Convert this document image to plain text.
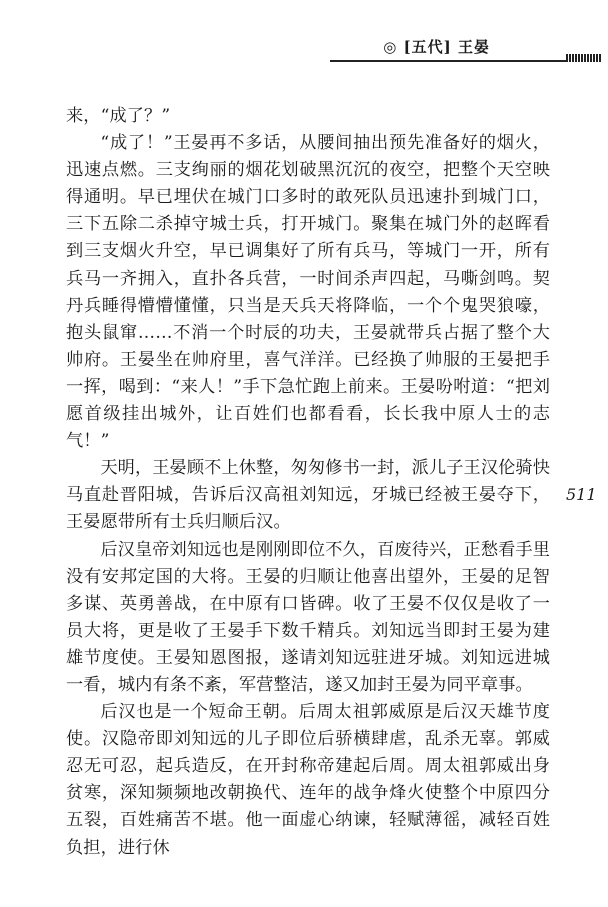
◎ [五代] 王晏

来，“成了？”

“成了！”王晏再不多话，从腰间抽出预先准备好的烟火，迅速点燃。三支绚丽的烟花划破黑沉沉的夜空，把整个天空映得通明。早已埋伏在城门口多时的敢死队员迅速扑到城门口，三下五除二杀掉守城士兵，打开城门。聚集在城门外的赵晖看到三支烟火升空，早已调集好了所有兵马，等城门一开，所有兵马一齐拥入，直扑各兵营，一时间杀声四起，马嘶剑鸣。契丹兵睡得懵懵懂懂，只当是天兵天将降临，一个个鬼哭狼嚎，抱头鼠窜……不消一个时辰的功夫，王晏就带兵占据了整个大帅府。王晏坐在帅府里，喜气洋洋。已经换了帅服的王晏把手一挥，喝到：“来人！”手下急忙跑上前来。王晏吩咐道：“把刘愿首级挂出城外，让百姓们也都看看，长长我中原人士的志气！”

天明，王晏顾不上休整，匆匆修书一封，派儿子王汉伦骑快马直赴晋阳城，告诉后汉高祖刘知远，牙城已经被王晏夺下，王晏愿带所有士兵归顺后汉。

后汉皇帝刘知远也是刚刚即位不久，百废待兴，正愁看手里没有安邦定国的大将。王晏的归顺让他喜出望外，王晏的足智多谋、英勇善战，在中原有口皆碑。收了王晏不仅仅是收了一员大将，更是收了王晏手下数千精兵。刘知远当即封王晏为建雄节度使。王晏知恩图报，遂请刘知远驻进牙城。刘知远进城一看，城内有条不紊，军营整洁，遂又加封王晏为同平章事。

后汉也是一个短命王朝。后周太祖郭威原是后汉天雄节度使。汉隐帝即刘知远的儿子即位后骄横肆虐，乱杀无辜。郭威忍无可忍，起兵造反，在开封称帝建起后周。周太祖郭威出身贫寒，深知频频地改朝换代、连年的战争烽火使整个中原四分五裂，百姓痛苦不堪。他一面虚心纳谏，轻赋薄徭，减轻百姓负担，进行休

511
